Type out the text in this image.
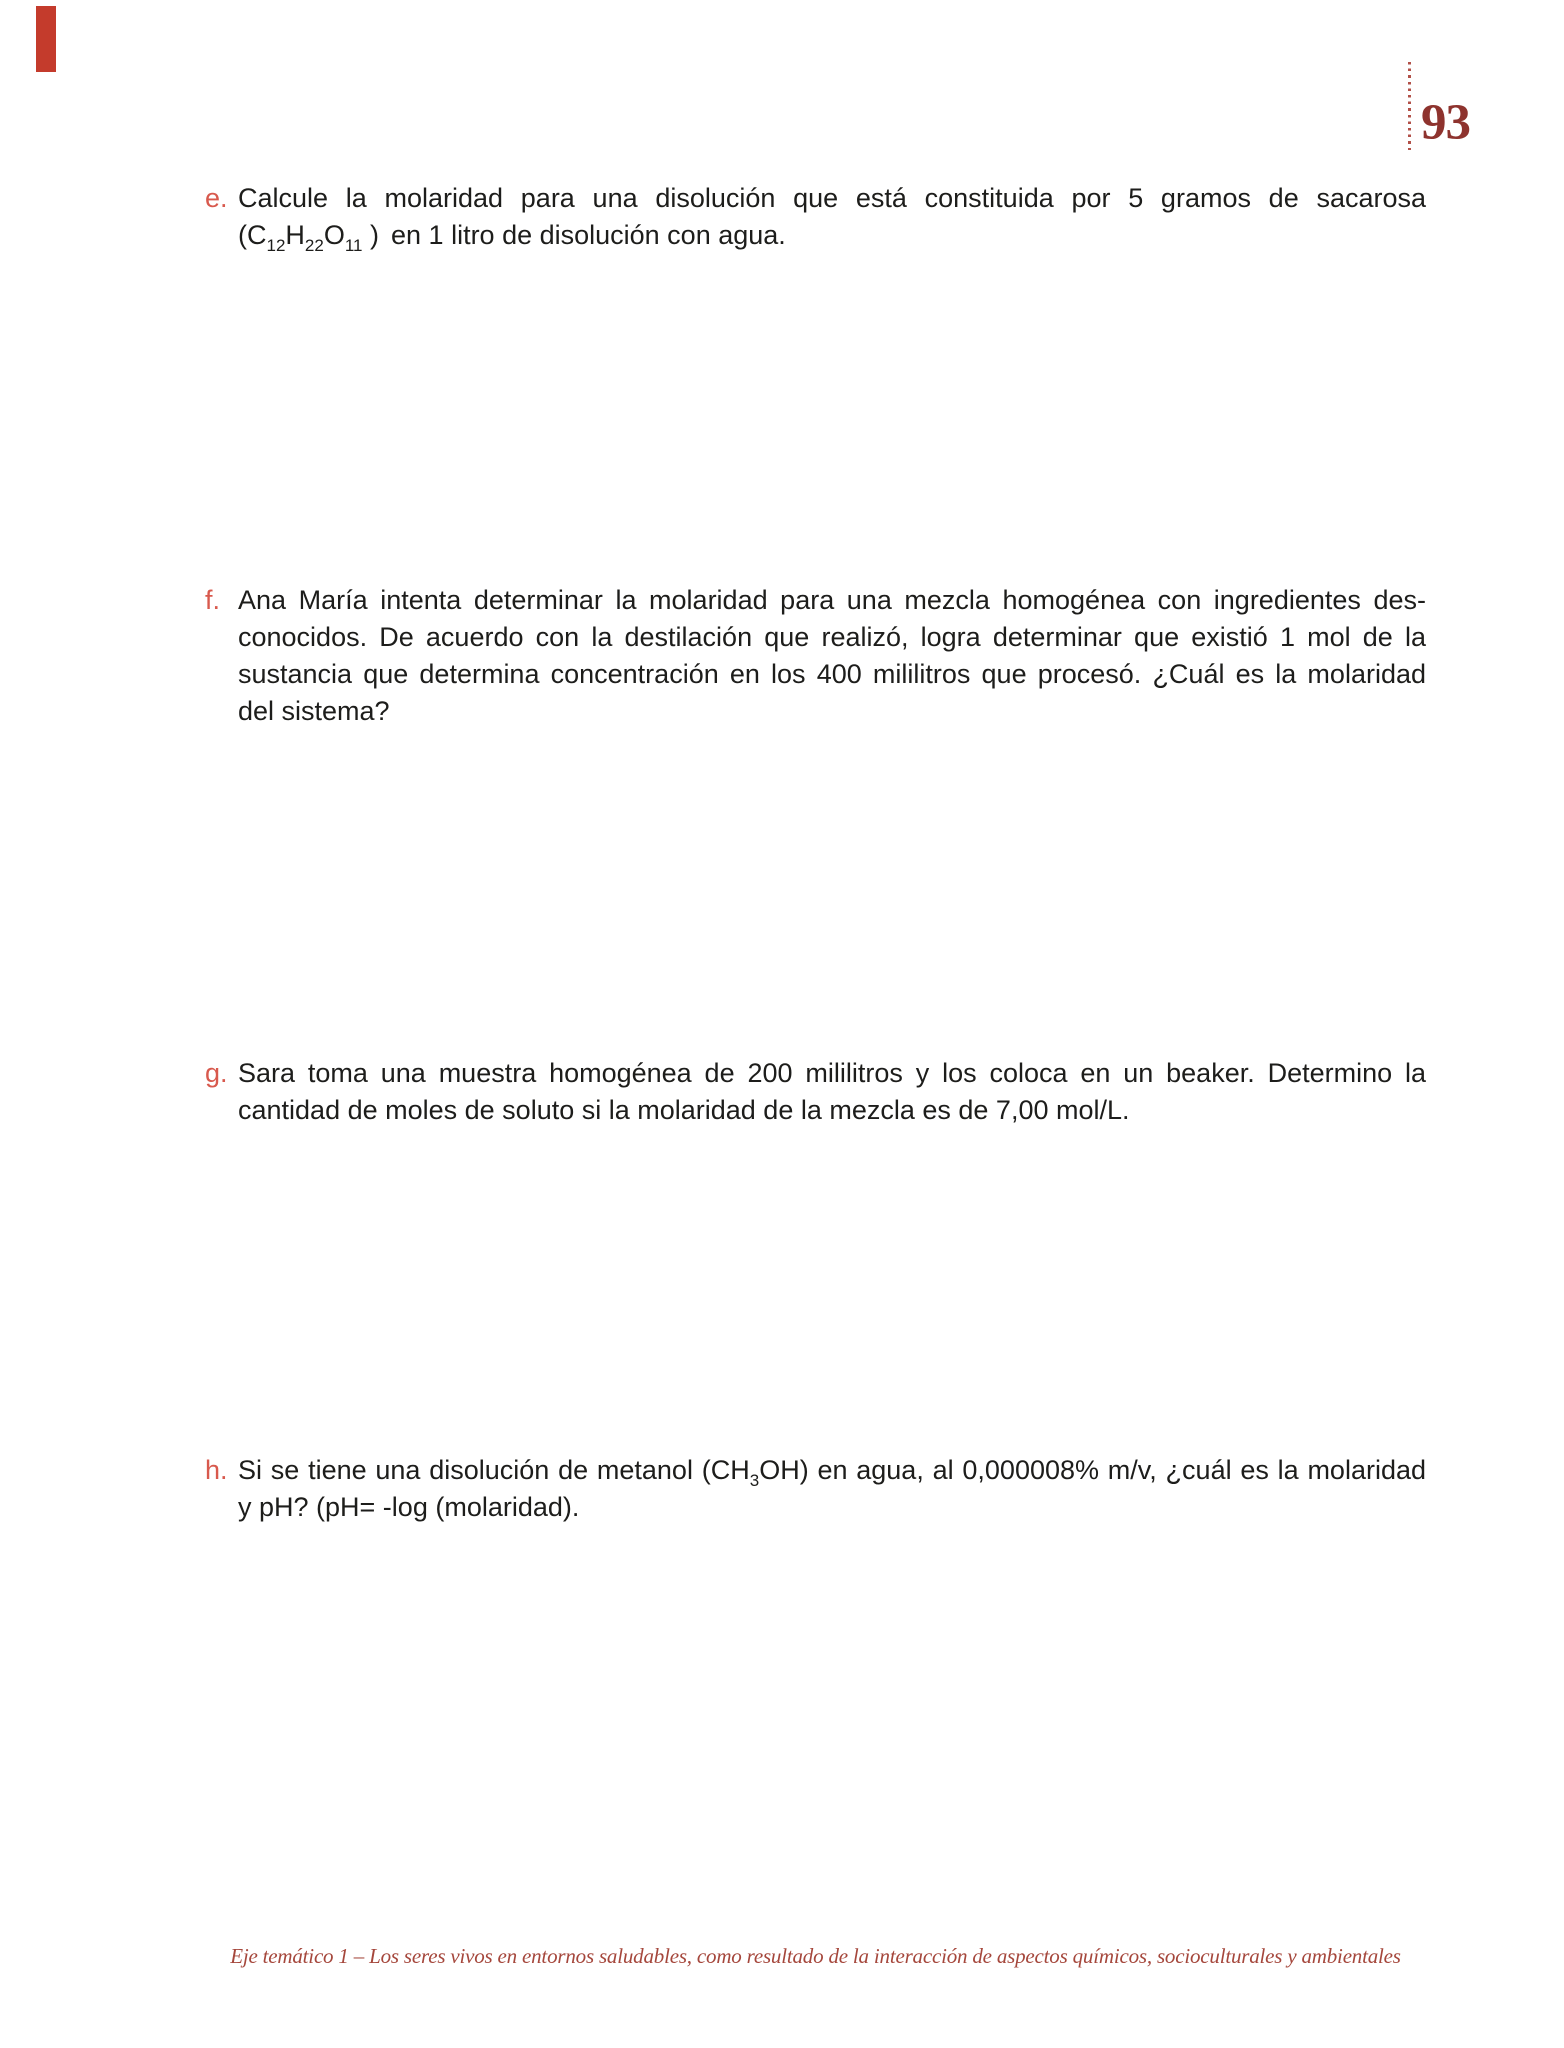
93
e. Calcule la molaridad para una disolución que está constituida por 5 gramos de sacarosa
($C_{12}H_{22}O_{11}$ ) en 1 litro de disolución con agua.
f. Ana María intenta determinar la molaridad para una mezcla homogénea con ingredientes des-
conocidos. De acuerdo con la destilación que realizó, logra determinar que existió 1 mol de la
sustancia que determina concentración en los 400 mililitros que procesó. ¿Cuál es la molaridad
del sistema?
g. Sara toma una muestra homogénea de 200 mililitros y los coloca en un beaker. Determino la
cantidad de moles de soluto si la molaridad de la mezcla es de 7,00 mol/L.
h. Si se tiene una disolución de metanol $(CH_3OH)$ en agua, al 0,000008% m/v, ¿cuál es la molaridad
y pH? (pH= -log (molaridad).
Eje temático 1 – Los seres vivos en entornos saludables, como resultado de la interacción de aspectos químicos, socioculturales y ambientales
